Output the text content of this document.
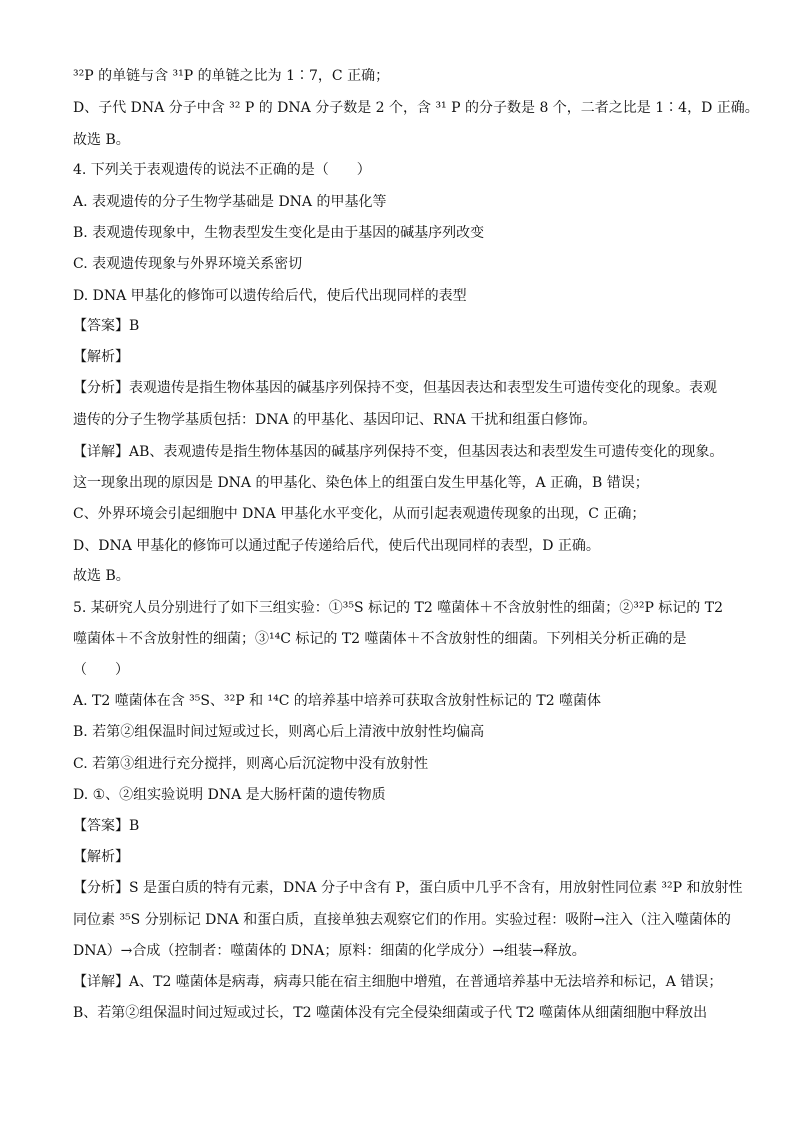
³²P 的单链与含 ³¹P 的单链之比为 1∶7，C 正确；
D、子代 DNA 分子中含 ³² P 的 DNA 分子数是 2 个，含 ³¹ P 的分子数是 8 个，二者之比是 1∶4，D 正确。
故选 B。
4. 下列关于表观遗传的说法不正确的是（　　）
A. 表观遗传的分子生物学基础是 DNA 的甲基化等
B. 表观遗传现象中，生物表型发生变化是由于基因的碱基序列改变
C. 表观遗传现象与外界环境关系密切
D. DNA 甲基化的修饰可以遗传给后代，使后代出现同样的表型
【答案】B
【解析】
【分析】表观遗传是指生物体基因的碱基序列保持不变，但基因表达和表型发生可遗传变化的现象。表观
遗传的分子生物学基质包括：DNA 的甲基化、基因印记、RNA 干扰和组蛋白修饰。
【详解】AB、表观遗传是指生物体基因的碱基序列保持不变，但基因表达和表型发生可遗传变化的现象。
这一现象出现的原因是 DNA 的甲基化、染色体上的组蛋白发生甲基化等，A 正确，B 错误；
C、外界环境会引起细胞中 DNA 甲基化水平变化，从而引起表观遗传现象的出现，C 正确；
D、DNA 甲基化的修饰可以通过配子传递给后代，使后代出现同样的表型，D 正确。
故选 B。
5. 某研究人员分别进行了如下三组实验：①³⁵S 标记的 T2 噬菌体＋不含放射性的细菌；②³²P 标记的 T2
噬菌体＋不含放射性的细菌；③¹⁴C 标记的 T2 噬菌体＋不含放射性的细菌。下列相关分析正确的是
（　　）
A. T2 噬菌体在含 ³⁵S、³²P 和 ¹⁴C 的培养基中培养可获取含放射性标记的 T2 噬菌体
B. 若第②组保温时间过短或过长，则离心后上清液中放射性均偏高
C. 若第③组进行充分搅拌，则离心后沉淀物中没有放射性
D. ①、②组实验说明 DNA 是大肠杆菌的遗传物质
【答案】B
【解析】
【分析】S 是蛋白质的特有元素，DNA 分子中含有 P，蛋白质中几乎不含有，用放射性同位素 ³²P 和放射性
同位素 ³⁵S 分别标记 DNA 和蛋白质，直接单独去观察它们的作用。实验过程：吸附→注入（注入噬菌体的
DNA）→合成（控制者：噬菌体的 DNA；原料：细菌的化学成分）→组装→释放。
【详解】A、T2 噬菌体是病毒，病毒只能在宿主细胞中增殖，在普通培养基中无法培养和标记，A 错误；
B、若第②组保温时间过短或过长，T2 噬菌体没有完全侵染细菌或子代 T2 噬菌体从细菌细胞中释放出
